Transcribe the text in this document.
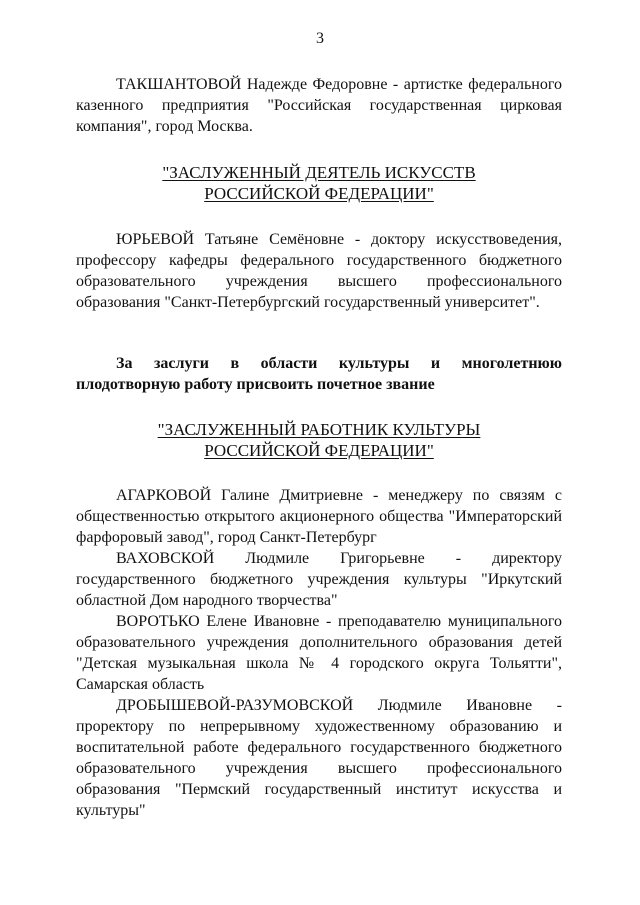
3

ТАКШАНТОВОЙ Надежде Федоровне - артистке федерального казенного предприятия "Российская государственная цирковая компания", город Москва.

"ЗАСЛУЖЕННЫЙ ДЕЯТЕЛЬ ИСКУССТВ
РОССИЙСКОЙ ФЕДЕРАЦИИ"

ЮРЬЕВОЙ Татьяне Семёновне - доктору искусствоведения, профессору кафедры федерального государственного бюджетного образовательного учреждения высшего профессионального образования "Санкт-Петербургский государственный университет".

За заслуги в области культуры и многолетнюю плодотворную работу присвоить почетное звание

"ЗАСЛУЖЕННЫЙ РАБОТНИК КУЛЬТУРЫ
РОССИЙСКОЙ ФЕДЕРАЦИИ"

АГАРКОВОЙ Галине Дмитриевне - менеджеру по связям с общественностью открытого акционерного общества "Императорский фарфоровый завод", город Санкт-Петербург

ВАХОВСКОЙ Людмиле Григорьевне - директору государственного бюджетного учреждения культуры "Иркутский областной Дом народного творчества"

ВОРОТЬКО Елене Ивановне - преподавателю муниципального образовательного учреждения дополнительного образования детей "Детская музыкальная школа № 4 городского округа Тольятти", Самарская область

ДРОБЫШЕВОЙ-РАЗУМОВСКОЙ Людмиле Ивановне - проректору по непрерывному художественному образованию и воспитательной работе федерального государственного бюджетного образовательного учреждения высшего профессионального образования "Пермский государственный институт искусства и культуры"
